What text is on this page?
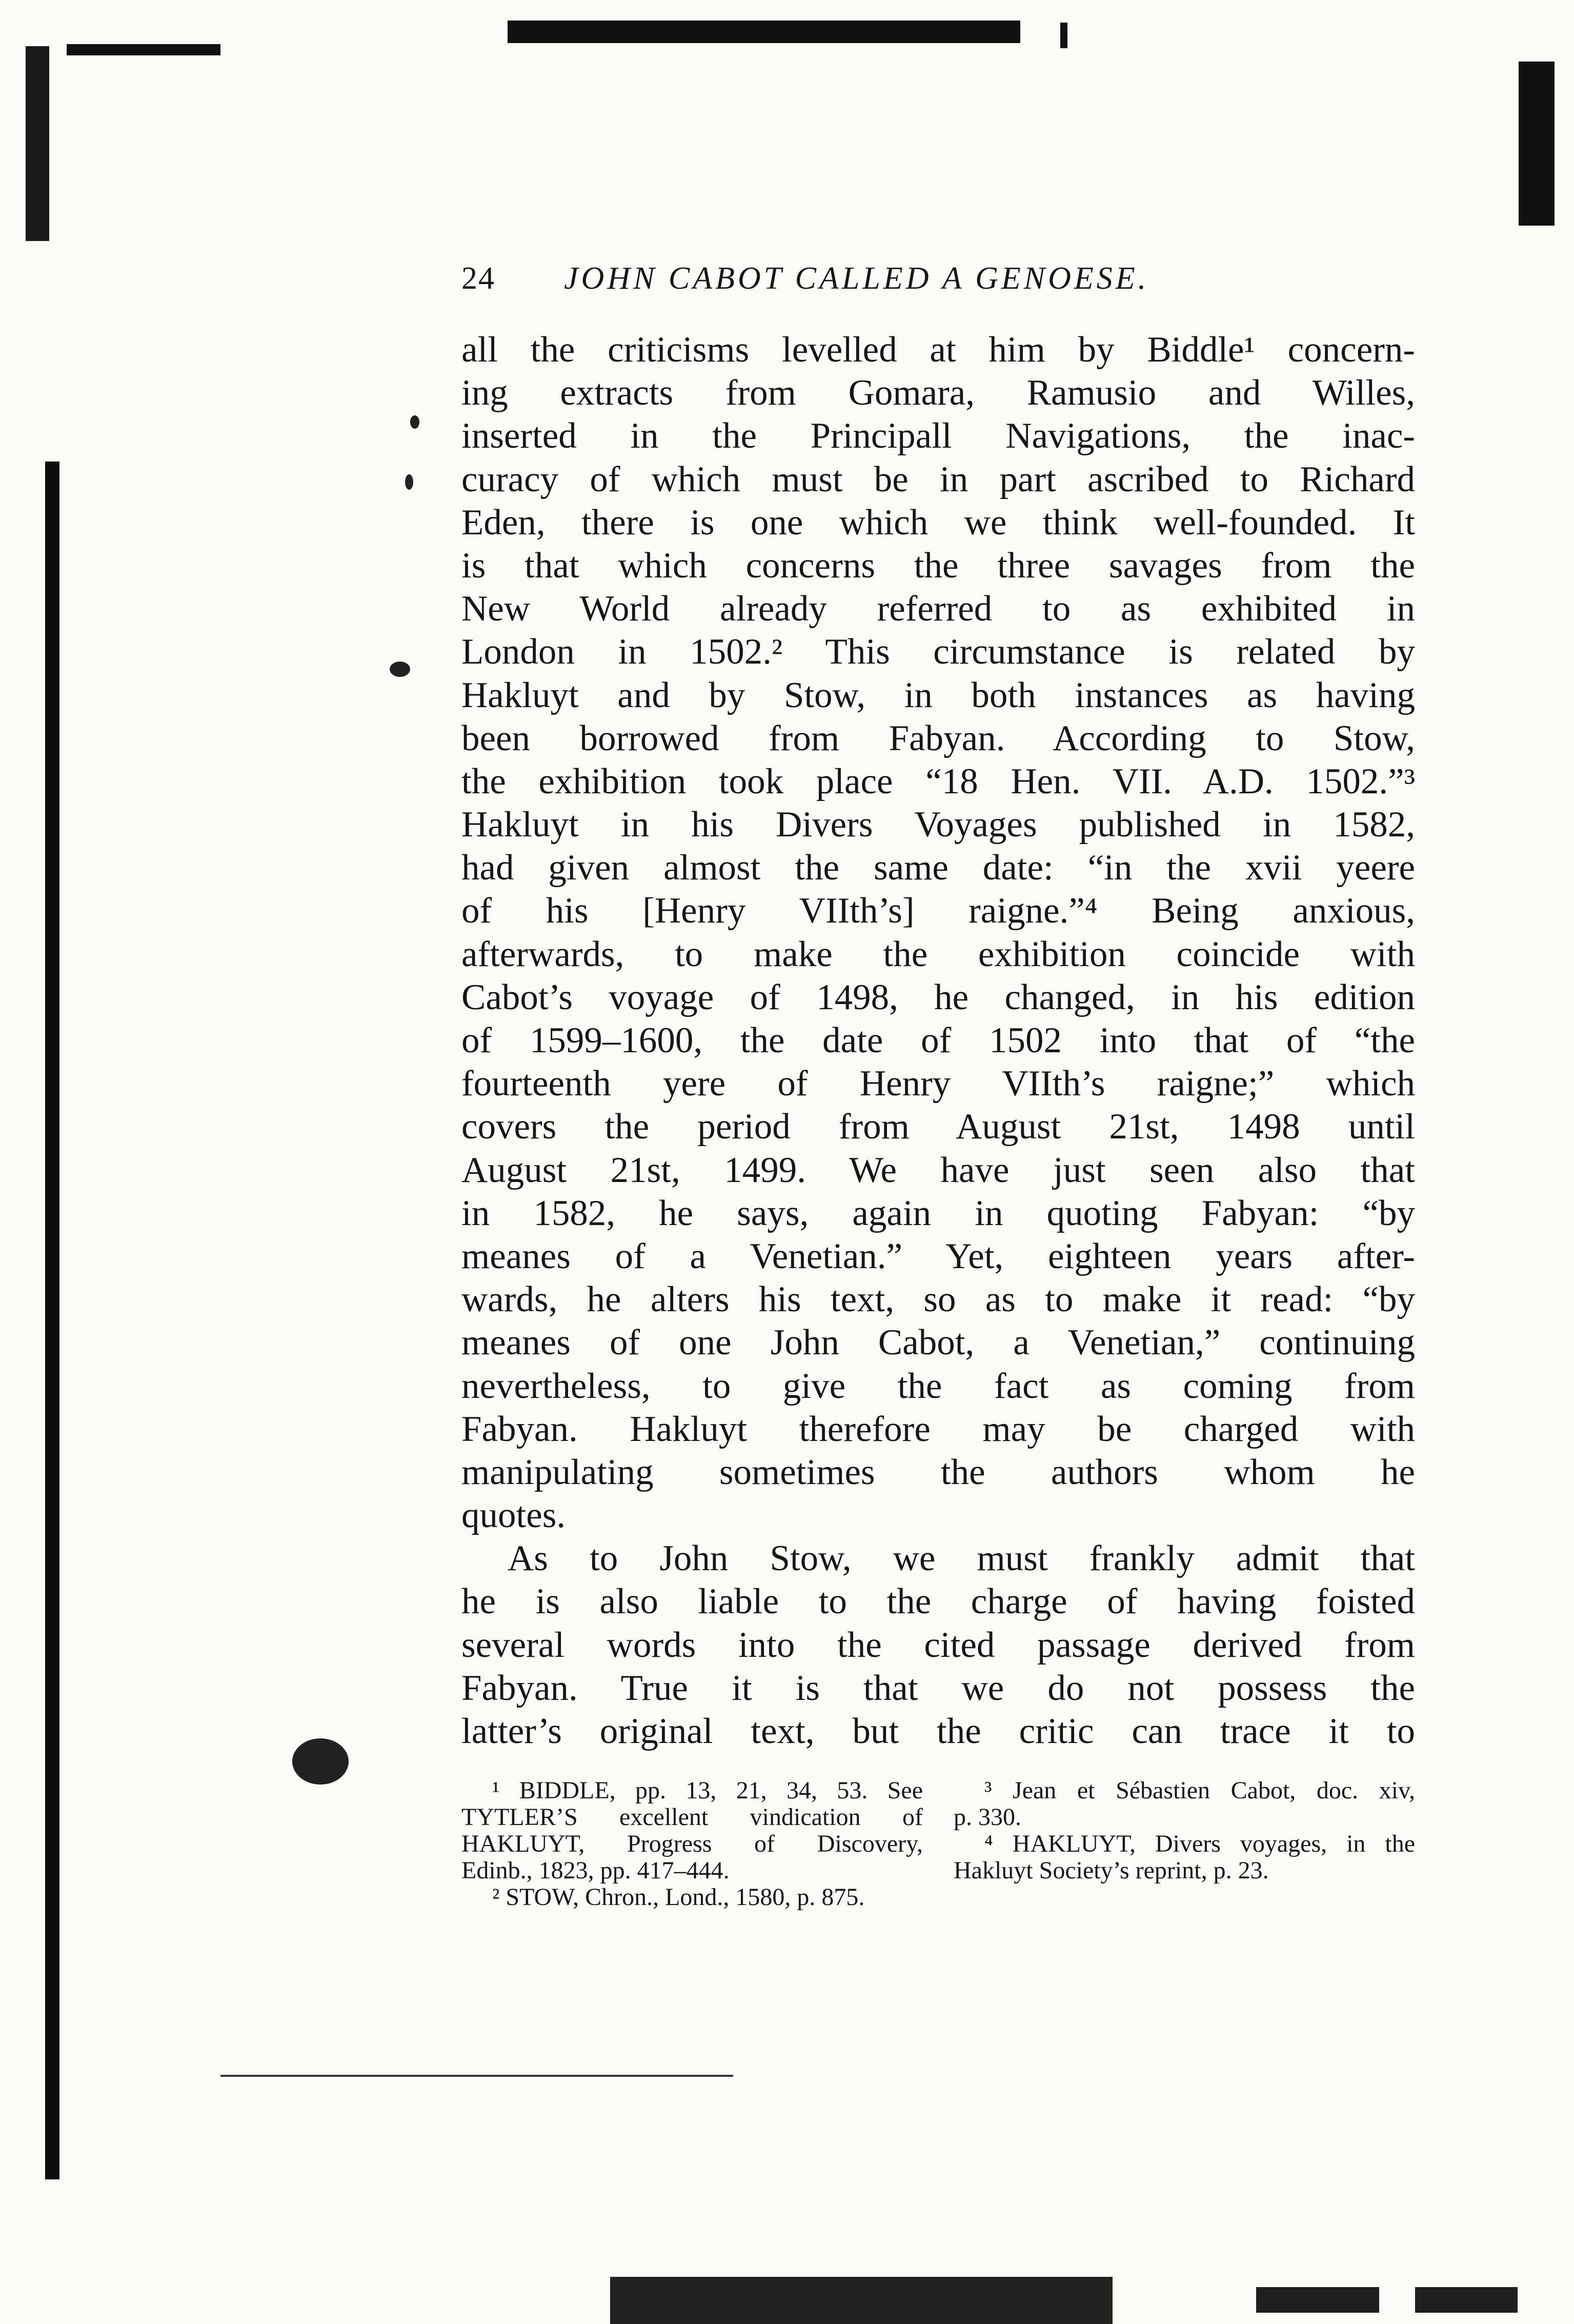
24	JOHN CABOT CALLED A GENOESE.
all the criticisms levelled at him by Biddle¹ concern-
ing extracts from Gomara, Ramusio and Willes,
inserted in the Principall Navigations, the inac-
curacy of which must be in part ascribed to Richard
Eden, there is one which we think well-founded. It
is that which concerns the three savages from the
New World already referred to as exhibited in
London in 1502.² This circumstance is related by
Hakluyt and by Stow, in both instances as having
been borrowed from Fabyan. According to Stow,
the exhibition took place “18 Hen. VII. A.D. 1502.”³
Hakluyt in his Divers Voyages published in 1582,
had given almost the same date: “in the xvii yeere
of his [Henry VIIth’s] raigne.”⁴ Being anxious,
afterwards, to make the exhibition coincide with
Cabot’s voyage of 1498, he changed, in his edition
of 1599–1600, the date of 1502 into that of “the
fourteenth yere of Henry VIIth’s raigne;” which
covers the period from August 21st, 1498 until
August 21st, 1499. We have just seen also that
in 1582, he says, again in quoting Fabyan: “by
meanes of a Venetian.” Yet, eighteen years after-
wards, he alters his text, so as to make it read: “by
meanes of one John Cabot, a Venetian,” continuing
nevertheless, to give the fact as coming from
Fabyan. Hakluyt therefore may be charged with
manipulating sometimes the authors whom he
quotes.
As to John Stow, we must frankly admit that
he is also liable to the charge of having foisted
several words into the cited passage derived from
Fabyan. True it is that we do not possess the
latter’s original text, but the critic can trace it to
¹ BIDDLE, pp. 13, 21, 34, 53. See
TYTLER’S excellent vindication of
HAKLUYT, Progress of Discovery,
Edinb., 1823, pp. 417–444.
² STOW, Chron., Lond., 1580, p. 875.
³ Jean et Sébastien Cabot, doc. xiv,
p. 330.
⁴ HAKLUYT, Divers voyages, in the
Hakluyt Society’s reprint, p. 23.
